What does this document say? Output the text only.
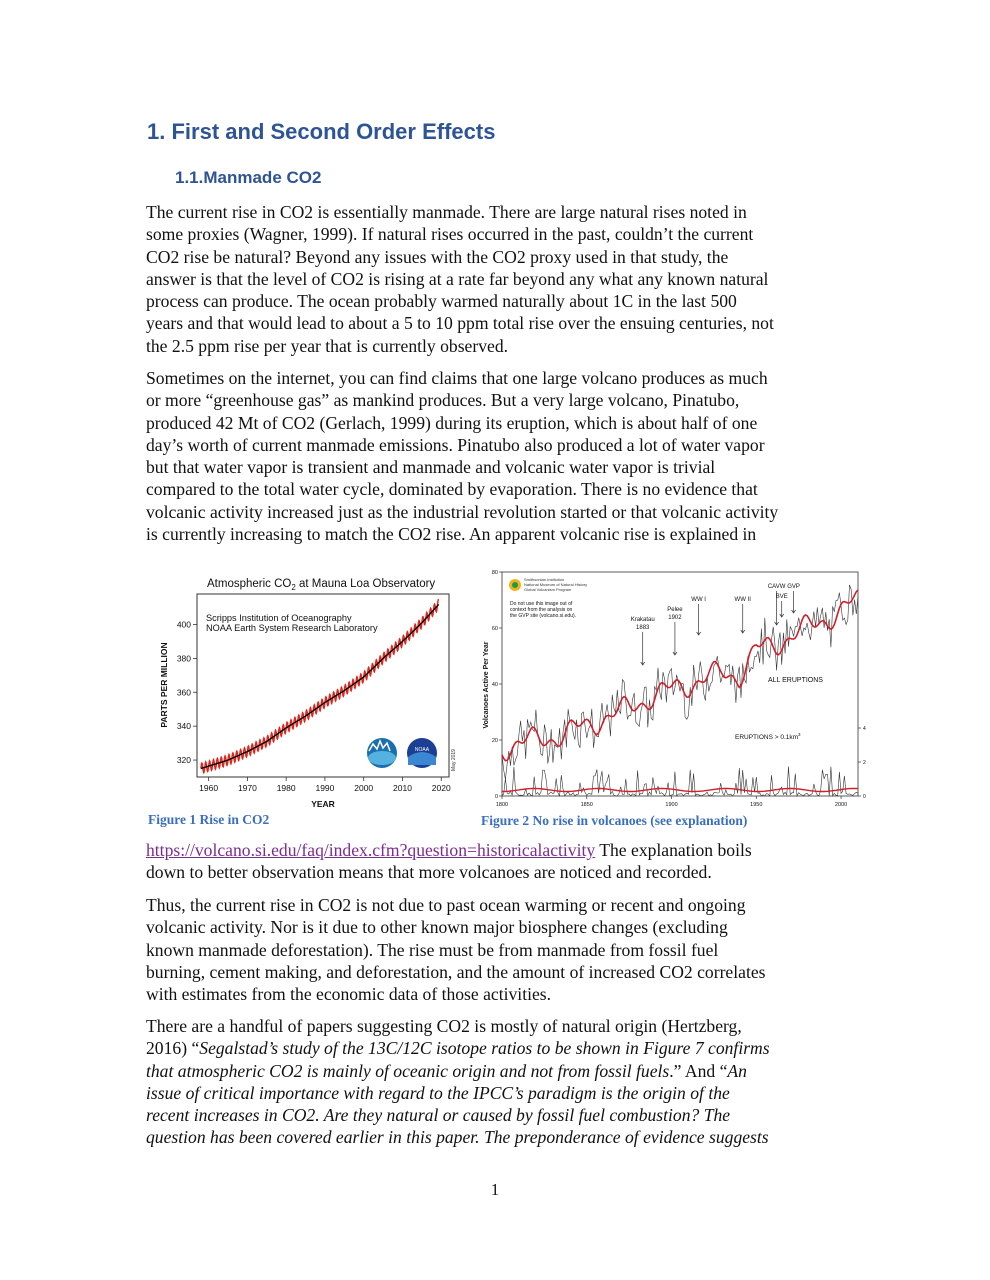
1. First and Second Order Effects
1.1.Manmade CO2
The current rise in CO2 is essentially manmade. There are large natural rises noted in
some proxies (Wagner, 1999). If natural rises occurred in the past, couldn’t the current
CO2 rise be natural? Beyond any issues with the CO2 proxy used in that study, the
answer is that the level of CO2 is rising at a rate far beyond any what any known natural
process can produce. The ocean probably warmed naturally about 1C in the last 500
years and that would lead to about a 5 to 10 ppm total rise over the ensuing centuries, not
the 2.5 ppm rise per year that is currently observed.
Sometimes on the internet, you can find claims that one large volcano produces as much
or more “greenhouse gas” as mankind produces. But a very large volcano, Pinatubo,
produced 42 Mt of CO2 (Gerlach, 1999) during its eruption, which is about half of one
day’s worth of current manmade emissions. Pinatubo also produced a lot of water vapor
but that water vapor is transient and manmade and volcanic water vapor is trivial
compared to the total water cycle, dominated by evaporation. There is no evidence that
volcanic activity increased just as the industrial revolution started or that volcanic activity
is currently increasing to match the CO2 rise. An apparent volcanic rise is explained in
Atmospheric $CO_2$ at Mauna Loa Observatory
Scripps Institution of Oceanography
NOAA Earth System Research Laboratory
1960 1970 1980 1990 2000 2010 2020
320
340
360
380
400
PARTS PER MILLION
YEAR
NOAA	May 2019
Figure 1 Rise in CO2
0
20
40
60
80
1800	1850	1900	1950	2000
0
2
4
Volcanoes Active Per Year
Smithsonian Institution
National Museum of Natural History
Global Volcanism Program
Do not use this image out of
context from the analysis on
the GVP site (volcano.si.edu).
Krakatau
1883
Pelee
1902
WW I	WW II
CAVW
BVE
GVP
ALL ERUPTIONS
ERUPTIONS > $0.1km^3$
Figure 2 No rise in volcanoes (see explanation)
https://volcano.si.edu/faq/index.cfm?question=historicalactivity The explanation boils
down to better observation means that more volcanoes are noticed and recorded.
Thus, the current rise in CO2 is not due to past ocean warming or recent and ongoing
volcanic activity. Nor is it due to other known major biosphere changes (excluding
known manmade deforestation). The rise must be from manmade from fossil fuel
burning, cement making, and deforestation, and the amount of increased CO2 correlates
with estimates from the economic data of those activities.
There are a handful of papers suggesting CO2 is mostly of natural origin (Hertzberg,
2016) “Segalstad’s study of the 13C/12C isotope ratios to be shown in Figure 7 confirms
that atmospheric CO2 is mainly of oceanic origin and not from fossil fuels.” And “An
issue of critical importance with regard to the IPCC’s paradigm is the origin of the
recent increases in CO2. Are they natural or caused by fossil fuel combustion? The
question has been covered earlier in this paper. The preponderance of evidence suggests
1
